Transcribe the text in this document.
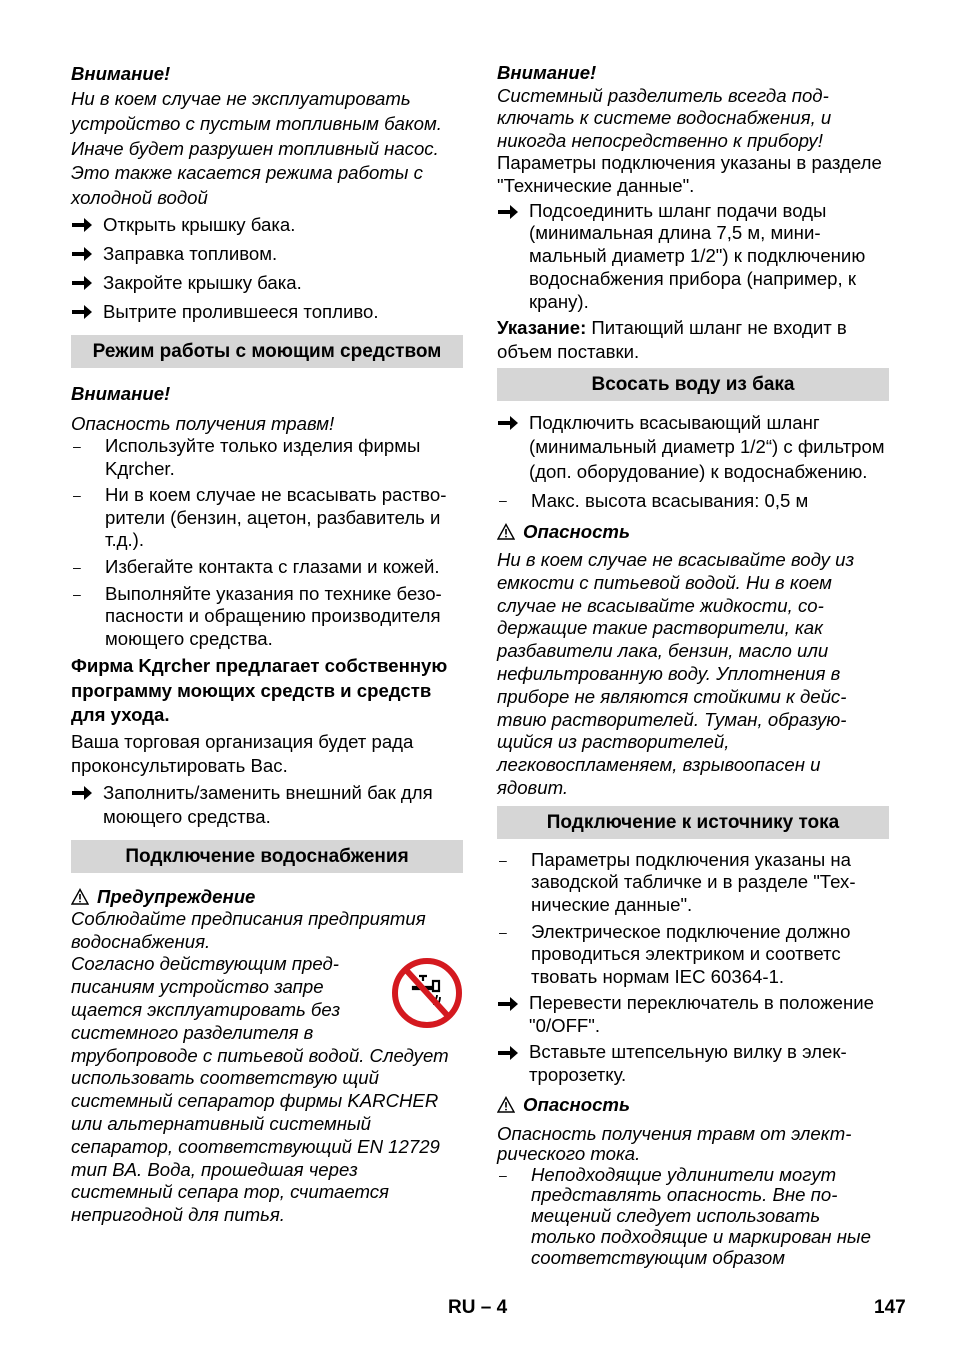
Внимание!

Ни в коем случае не эксплуатировать устройство с пустым топливным баком. Иначе будет разрушен топливный насос. Это также касается режима работы с холодной водой

Открыть крышку бака.
Заправка топливом.
Закройте крышку бака.
Вытрите пролившееся топливо.
Режим работы с моющим средством

Внимание!

Опасность получения травм!

–	Используйте только изделия фирмы Kдrcher.
–	Ни в коем случае не всасывать растворители (бензин, ацетон, разбавитель и т.д.).
–	Избегайте контакта с глазами и кожей.
–	Выполняйте указания по технике безопасности и обращению производителя моющего средства.

Фирма Kдrcher предлагает собственную программу моющих средств и средств для ухода.

Ваша торговая организация будет рада проконсультировать Вас.

Заполнить/заменить внешний бак для моющего средства.
Подключение водоснабжения
Предупреждение

Соблюдайте предписания предприятия водоснабжения.

Согласно действующим предписаниям устройство запре щается эксплуатировать без системного разделителя в трубопроводе с питьевой водой. Следует использовать соответствую щий системный сепаратор фирмы KARCHER или альтернативный системный сепаратор, соответствующий EN 12729 тип BA. Вода, прошедшая через системный сепара тор, считается непригодной для питья.

Внимание!

Системный разделитель всегда подключать к системе водоснабжения, и никогда непосредственно к прибору!

Параметры подключения указаны в разделе "Технические данные".

Подсоединить шланг подачи воды (минимальная длина 7,5 м, минимальный диаметр 1/2") к подключению водоснабжения прибора (например, к крану).

Указание: Питающий шланг не входит в объем поставки.

Всосать воду из бака
Подключить всасывающий шланг (минимальный диаметр 1/2“) с фильтром (доп. оборудование) к водоснабжению.
–	Макс. высота всасывания: 0,5 м
Опасность

Ни в коем случае не всасывайте воду из емкости с питьевой водой. Ни в коем случае не всасывайте жидкости, содержащие такие растворители, как разбавители лака, бензин, масло или нефильтрованную воду. Уплотнения в приборе не являются стойкими к действию растворителей. Туман, образующийся из растворителей, легковоспламеняем, взрывоопасен и ядовит.

Подключение к источнику тока
–	Параметры подключения указаны на заводской табличке и в разделе "Технические данные".
–	Электрическое подключение должно проводиться электриком и соответс твовать нормам IEC 60364-1.
Перевести переключатель в положение "0/OFF".
Вставьте штепсельную вилку в электророзетку.
Опасность

Опасность получения травм от электрического тока.

–	Неподходящие удлинители могут представлять опасность. Вне помещений следует использовать только подходящие и маркирован ные соответствующим образом
RU – 4	147
